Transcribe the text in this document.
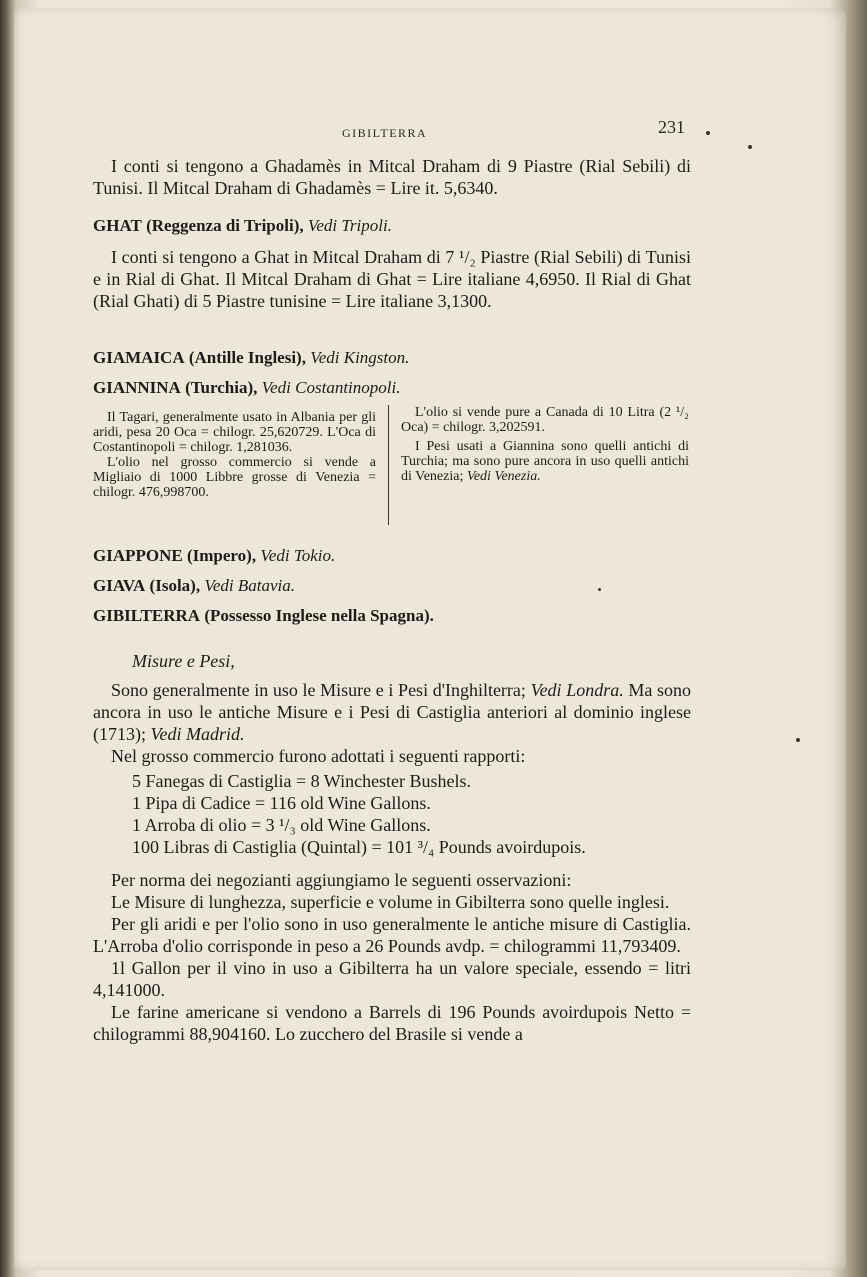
GIBILTERRA	231

I conti si tengono a Ghadamès in Mitcal Draham di 9 Piastre (Rial Sebili) di Tunisi. Il Mitcal Draham di Ghadamès = Lire it. 5,6340.

GHAT (Reggenza di Tripoli), Vedi Tripoli.

I conti si tengono a Ghat in Mitcal Draham di 7 ¹/₂ Piastre (Rial Sebili) di Tunisi e in Rial di Ghat. Il Mitcal Draham di Ghat = Lire italiane 4,6950. Il Rial di Ghat (Rial Ghati) di 5 Piastre tunisine = Lire italiane 3,1300.

GIAMAICA (Antille Inglesi), Vedi Kingston.

GIANNINA (Turchia), Vedi Costantinopoli.

Il Tagari, generalmente usato in Albania per gli aridi, pesa 20 Oca = chilogr. 25,620729. L'Oca di Costantinopoli = chilogr. 1,281036.

L'olio nel grosso commercio si vende a Migliaio di 1000 Libbre grosse di Venezia = chilogr. 476,998700.

L'olio si vende pure a Canada di 10 Litra (2 ¹/₂ Oca) = chilogr. 3,202591.

I Pesi usati a Giannina sono quelli antichi di Turchia; ma sono pure ancora in uso quelli antichi di Venezia; Vedi Venezia.

GIAPPONE (Impero), Vedi Tokio.

GIAVA (Isola), Vedi Batavia.

GIBILTERRA (Possesso Inglese nella Spagna).

Misure e Pesi,

Sono generalmente in uso le Misure e i Pesi d'Inghilterra; Vedi Londra. Ma sono ancora in uso le antiche Misure e i Pesi di Castiglia anteriori al dominio inglese (1713); Vedi Madrid.

Nel grosso commercio furono adottati i seguenti rapporti:

5 Fanegas di Castiglia = 8 Winchester Bushels.
1 Pipa di Cadice = 116 old Wine Gallons.
1 Arroba di olio = 3 ¹/₃ old Wine Gallons.
100 Libras di Castiglia (Quintal) = 101 ³/₄ Pounds avoirdupois.

Per norma dei negozianti aggiungiamo le seguenti osservazioni:

Le Misure di lunghezza, superficie e volume in Gibilterra sono quelle inglesi.

Per gli aridi e per l'olio sono in uso generalmente le antiche misure di Castiglia. L'Arroba d'olio corrisponde in peso a 26 Pounds avdp. = chilogrammi 11,793409.

1l Gallon per il vino in uso a Gibilterra ha un valore speciale, essendo = litri 4,141000.

Le farine americane si vendono a Barrels di 196 Pounds avoirdupois Netto = chilogrammi 88,904160. Lo zucchero del Brasile si vende a
